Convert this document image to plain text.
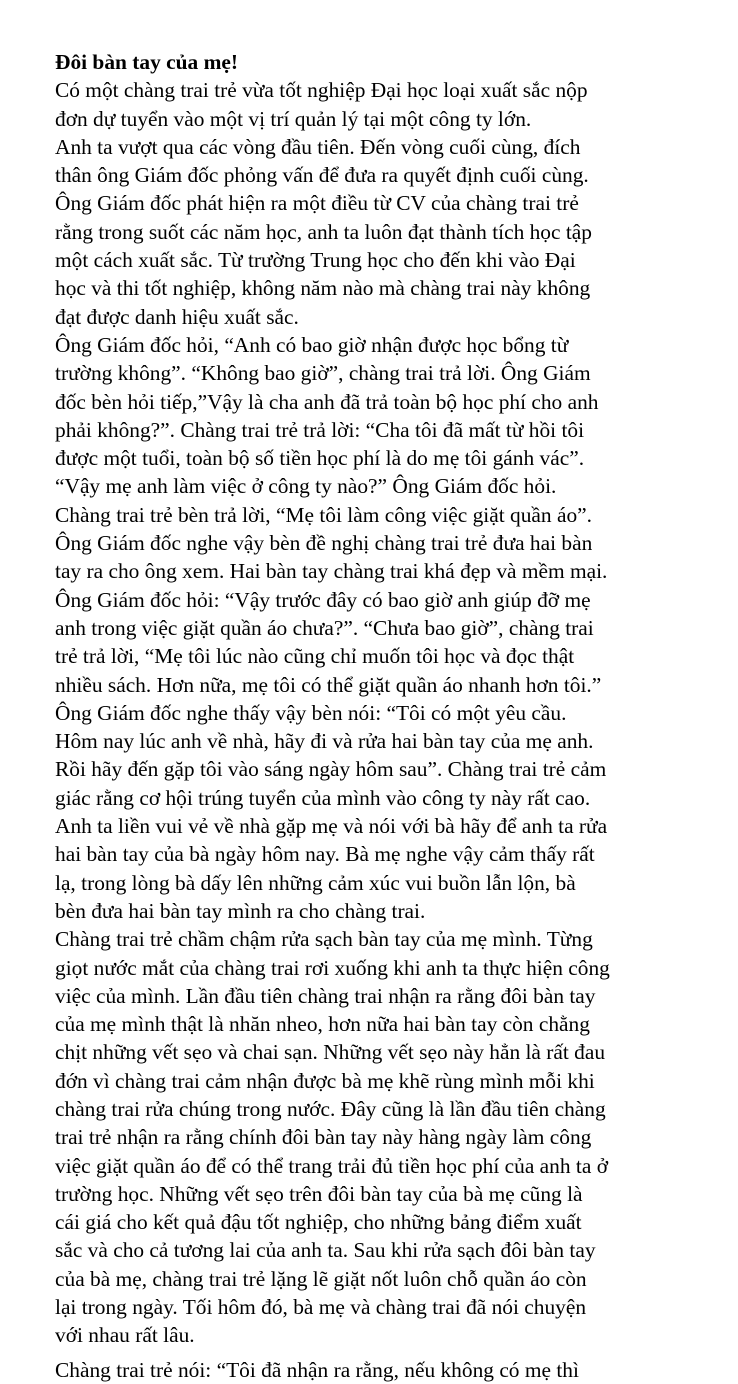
Đôi bàn tay của mẹ!

Có một chàng trai trẻ vừa tốt nghiệp Đại học loại xuất sắc nộp

đơn dự tuyển vào một vị trí quản lý tại một công ty lớn.

Anh ta vượt qua các vòng đầu tiên. Đến vòng cuối cùng, đích

thân ông Giám đốc phỏng vấn để đưa ra quyết định cuối cùng.

Ông Giám đốc phát hiện ra một điều từ CV của chàng trai trẻ

rằng trong suốt các năm học, anh ta luôn đạt thành tích học tập

một cách xuất sắc. Từ trường Trung học cho đến khi vào Đại

học và thi tốt nghiệp, không năm nào mà chàng trai này không

đạt được danh hiệu xuất sắc.

Ông Giám đốc hỏi, “Anh có bao giờ nhận được học bổng từ

trường không”. “Không bao giờ”, chàng trai trả lời. Ông Giám

đốc bèn hỏi tiếp,”Vậy là cha anh đã trả toàn bộ học phí cho anh

phải không?”. Chàng trai trẻ trả lời: “Cha tôi đã mất từ hồi tôi

được một tuổi, toàn bộ số tiền học phí là do mẹ tôi gánh vác”.

“Vậy mẹ anh làm việc ở công ty nào?” Ông Giám đốc hỏi.

Chàng trai trẻ bèn trả lời, “Mẹ tôi làm công việc giặt quần áo”.

Ông Giám đốc nghe vậy bèn đề nghị chàng trai trẻ đưa hai bàn

tay ra cho ông xem. Hai bàn tay chàng trai khá đẹp và mềm mại.

Ông Giám đốc hỏi: “Vậy trước đây có bao giờ anh giúp đỡ mẹ

anh trong việc giặt quần áo chưa?”. “Chưa bao giờ”, chàng trai

trẻ trả lời, “Mẹ tôi lúc nào cũng chỉ muốn tôi học và đọc thật

nhiều sách. Hơn nữa, mẹ tôi có thể giặt quần áo nhanh hơn tôi.”

Ông Giám đốc nghe thấy vậy bèn nói: “Tôi có một yêu cầu.

Hôm nay lúc anh về nhà, hãy đi và rửa hai bàn tay của mẹ anh.

Rồi hãy đến gặp tôi vào sáng ngày hôm sau”. Chàng trai trẻ cảm

giác rằng cơ hội trúng tuyển của mình vào công ty này rất cao.

Anh ta liền vui vẻ về nhà gặp mẹ và nói với bà hãy để anh ta rửa

hai bàn tay của bà ngày hôm nay. Bà mẹ nghe vậy cảm thấy rất

lạ, trong lòng bà dấy lên những cảm xúc vui buồn lẫn lộn, bà

bèn đưa hai bàn tay mình ra cho chàng trai.

Chàng trai trẻ chầm chậm rửa sạch bàn tay của mẹ mình. Từng

giọt nước mắt của chàng trai rơi xuống khi anh ta thực hiện công

việc của mình. Lần đầu tiên chàng trai nhận ra rằng đôi bàn tay

của mẹ mình thật là nhăn nheo, hơn nữa hai bàn tay còn chằng

chịt những vết sẹo và chai sạn. Những vết sẹo này hẳn là rất đau

đớn vì chàng trai cảm nhận được bà mẹ khẽ rùng mình mỗi khi

chàng trai rửa chúng trong nước. Đây cũng là lần đầu tiên chàng

trai trẻ nhận ra rằng chính đôi bàn tay này hàng ngày làm công

việc giặt quần áo để có thể trang trải đủ tiền học phí của anh ta ở

trường học. Những vết sẹo trên đôi bàn tay của bà mẹ cũng là

cái giá cho kết quả đậu tốt nghiệp, cho những bảng điểm xuất

sắc và cho cả tương lai của anh ta. Sau khi rửa sạch đôi bàn tay

của bà mẹ, chàng trai trẻ lặng lẽ giặt nốt luôn chỗ quần áo còn

lại trong ngày. Tối hôm đó, bà mẹ và chàng trai đã nói chuyện

với nhau rất lâu.

Chàng trai trẻ nói: “Tôi đã nhận ra rằng, nếu không có mẹ thì
